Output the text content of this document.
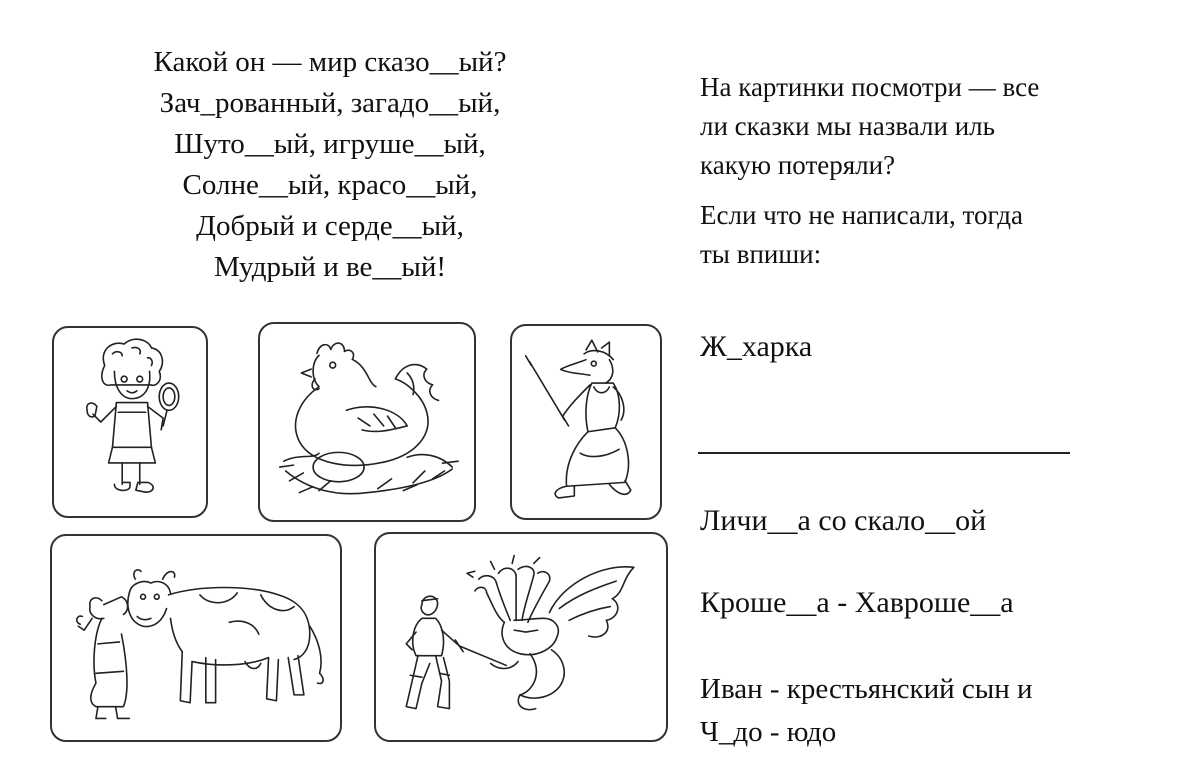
Какой он — мир сказо__ый?
Зач_рованный, загадо__ый,
Шуто__ый, игруше__ый,
Солне__ый, красо__ый,
Добрый и серде__ый,
Мудрый и ве__ый!
На картинки посмотри — все
ли сказки мы назвали иль
какую потеряли?
Если что не написали, тогда
ты впиши:
Ж_харка
Личи__а со скало__ой
Кроше__а - Хавроше__а
Иван - крестьянский сын и
Ч_до - юдо
